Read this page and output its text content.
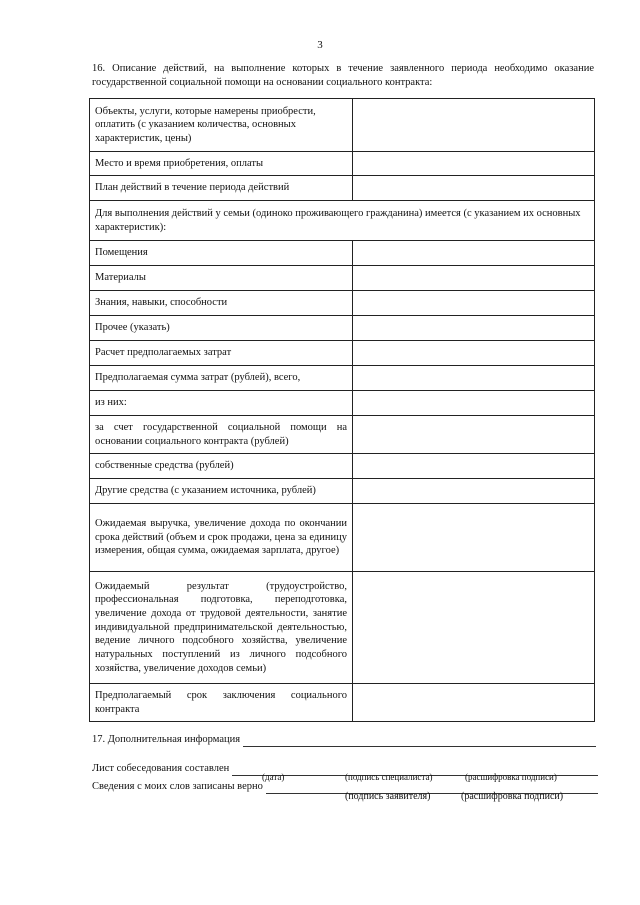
3
16. Описание действий, на выполнение которых в течение заявленного периода необходимо оказание государственной социальной помощи на основании социального контракта:
Объекты, услуги, которые намерены приобрести, оплатить (с указанием количества, основных характеристик, цены)	
Место и время приобретения, оплаты	
План действий в течение периода действий	
Для выполнения действий у семьи (одиноко проживающего гражданина) имеется (с указанием их основных характеристик):	
Помещения	
Материалы	
Знания, навыки, способности	
Прочее (указать)	
Расчет предполагаемых затрат	
Предполагаемая сумма затрат (рублей), всего,	
из них:	
за счет государственной социальной помощи на основании социального контракта (рублей)	
собственные средства (рублей)	
Другие средства (с указанием источника, рублей)	
Ожидаемая выручка, увеличение дохода по окончании срока действий (объем и срок продажи, цена за единицу измерения, общая сумма, ожидаемая зарплата, другое)	
Ожидаемый результат (трудоустройство, профессиональная подготовка, переподготовка, увеличение дохода от трудовой деятельности, занятие индивидуальной предпринимательской деятельностью, ведение личного подсобного хозяйства, увеличение натуральных поступлений из личного подсобного хозяйства, увеличение доходов семьи)	
Предполагаемый срок заключения социального контракта	
17. Дополнительная информация
Лист собеседования составлен
(дата)	(подпись специалиста)	(расшифровка подписи)
Сведения с моих слов записаны верно
(подпись заявителя)	(расшифровка подписи)
